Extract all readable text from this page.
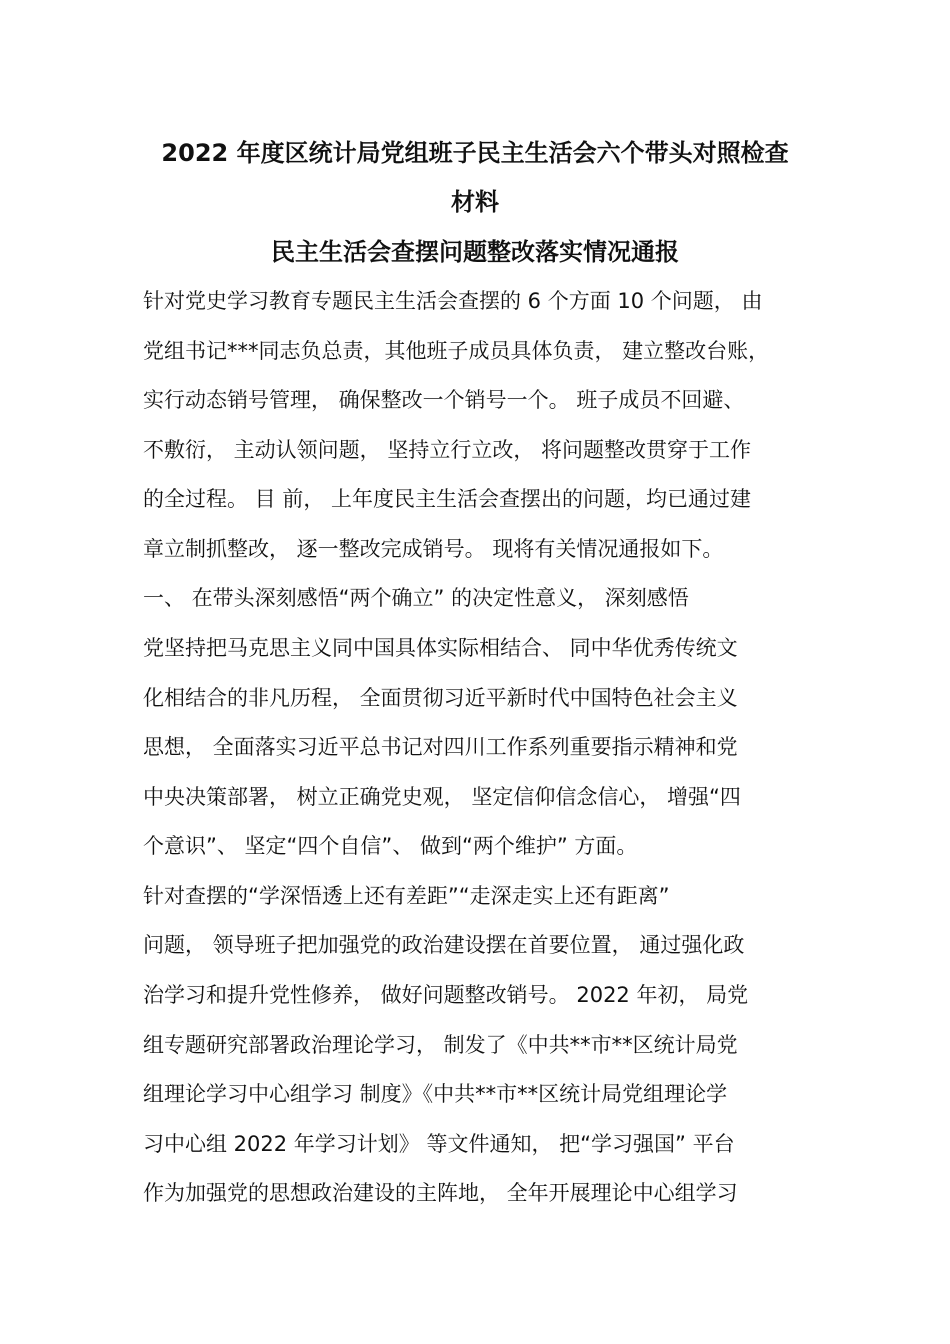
2022 年度区统计局党组班子民主生活会六个带头对照检查
材料
民主生活会查摆问题整改落实情况通报
针对党史学习教育专题民主生活会查摆的 6 个方面 10 个问题， 由
党组书记***同志负总责，其他班子成员具体负责， 建立整改台账，
实行动态销号管理， 确保整改一个销号一个。 班子成员不回避、
不敷衍， 主动认领问题， 坚持立行立改， 将问题整改贯穿于工作
的全过程。 目 前， 上年度民主生活会查摆出的问题，均已通过建
章立制抓整改， 逐一整改完成销号。 现将有关情况通报如下。
一、 在带头深刻感悟“两个确立” 的决定性意义， 深刻感悟
党坚持把马克思主义同中国具体实际相结合、 同中华优秀传统文
化相结合的非凡历程， 全面贯彻习近平新时代中国特色社会主义
思想， 全面落实习近平总书记对四川工作系列重要指示精神和党
中央决策部署， 树立正确党史观， 坚定信仰信念信心， 增强“四
个意识”、 坚定“四个自信”、 做到“两个维护” 方面。
针对查摆的“学深悟透上还有差距”“走深走实上还有距离”
问题， 领导班子把加强党的政治建设摆在首要位置， 通过强化政
治学习和提升党性修养， 做好问题整改销号。 2022 年初， 局党
组专题研究部署政治理论学习， 制发了《中共**市**区统计局党
组理论学习中心组学习 制度》《中共**市**区统计局党组理论学
习中心组 2022 年学习计划》 等文件通知， 把“学习强国” 平台
作为加强党的思想政治建设的主阵地， 全年开展理论中心组学习
